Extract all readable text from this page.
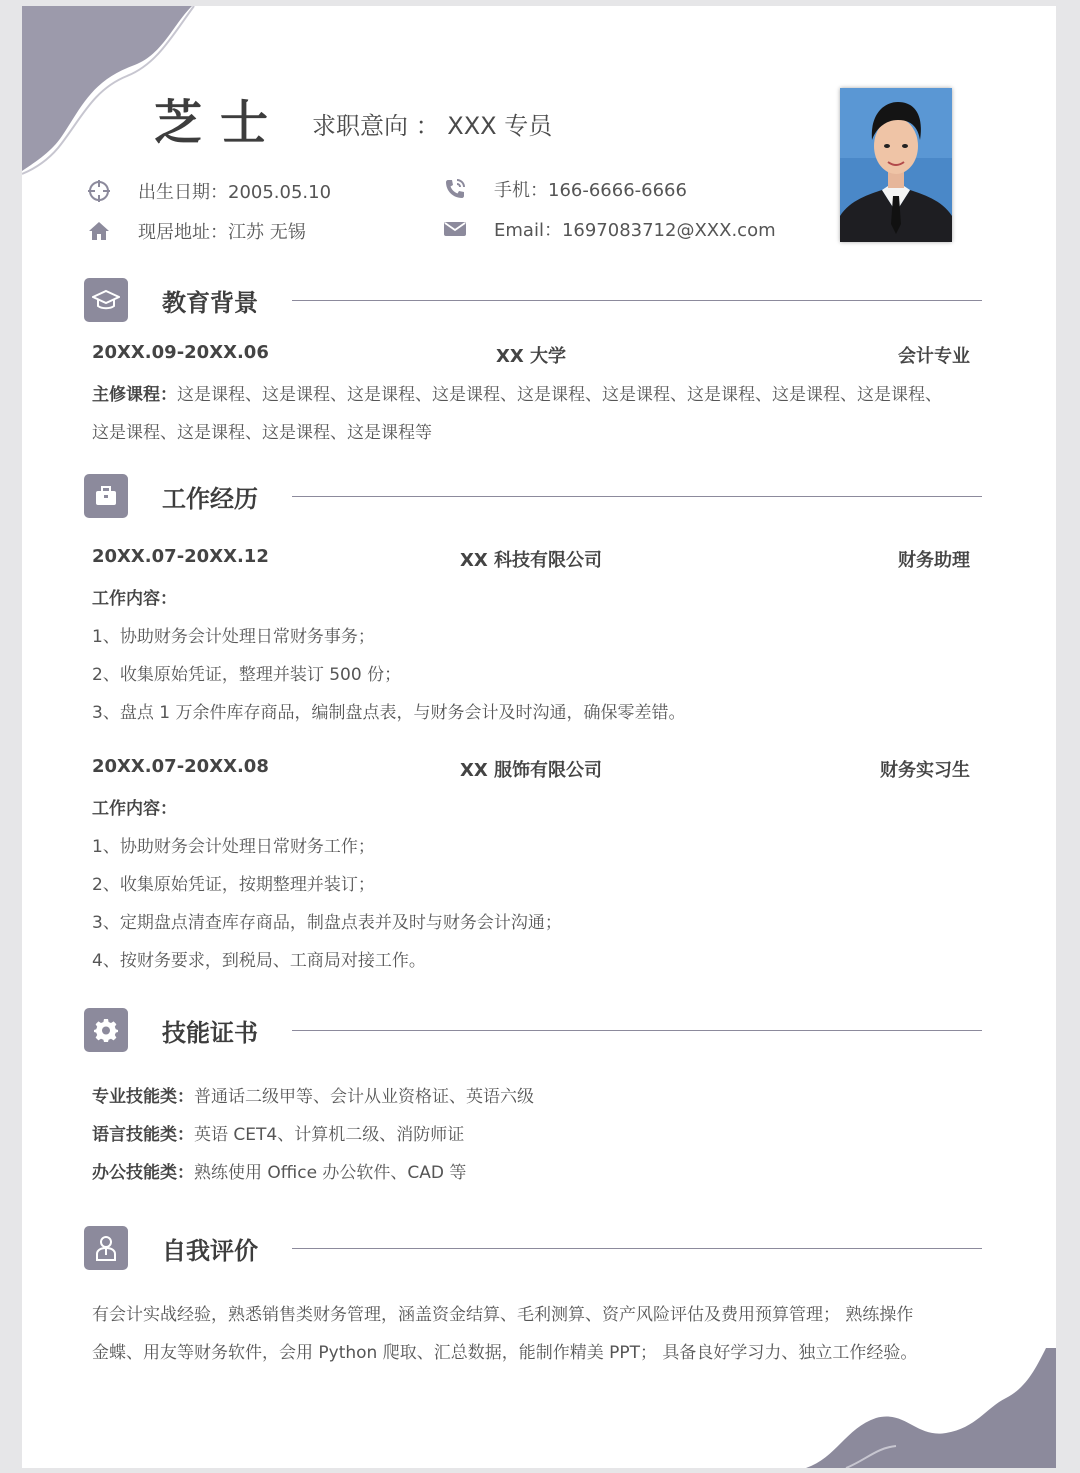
芝士 求职意向 ： XXX 专员
出生日期：2005.05.10
现居地址：江苏 无锡
手机：166-6666-6666
Email：1697083712@XXX.com
教育背景
20XX.09-20XX.06	XX 大学	会计专业
主修课程：这是课程、这是课程、这是课程、这是课程、这是课程、这是课程、这是课程、这是课程、这是课程、
这是课程、这是课程、这是课程、这是课程等
工作经历
20XX.07-20XX.12	XX 科技有限公司	财务助理
工作内容：
1、协助财务会计处理日常财务事务；
2、收集原始凭证，整理并装订 500 份；
3、盘点 1 万余件库存商品，编制盘点表，与财务会计及时沟通，确保零差错。
20XX.07-20XX.08	XX 服饰有限公司	财务实习生
工作内容：
1、协助财务会计处理日常财务工作；
2、收集原始凭证，按期整理并装订；
3、定期盘点清查库存商品，制盘点表并及时与财务会计沟通；
4、按财务要求，到税局、工商局对接工作。
技能证书
专业技能类：普通话二级甲等、会计从业资格证、英语六级
语言技能类：英语 CET4、计算机二级、消防师证
办公技能类：熟练使用 Office 办公软件、CAD 等
自我评价
有会计实战经验，熟悉销售类财务管理，涵盖资金结算、毛利测算、资产风险评估及费用预算管理； 熟练操作
金蝶、用友等财务软件，会用 Python 爬取、汇总数据，能制作精美 PPT； 具备良好学习力、独立工作经验。
